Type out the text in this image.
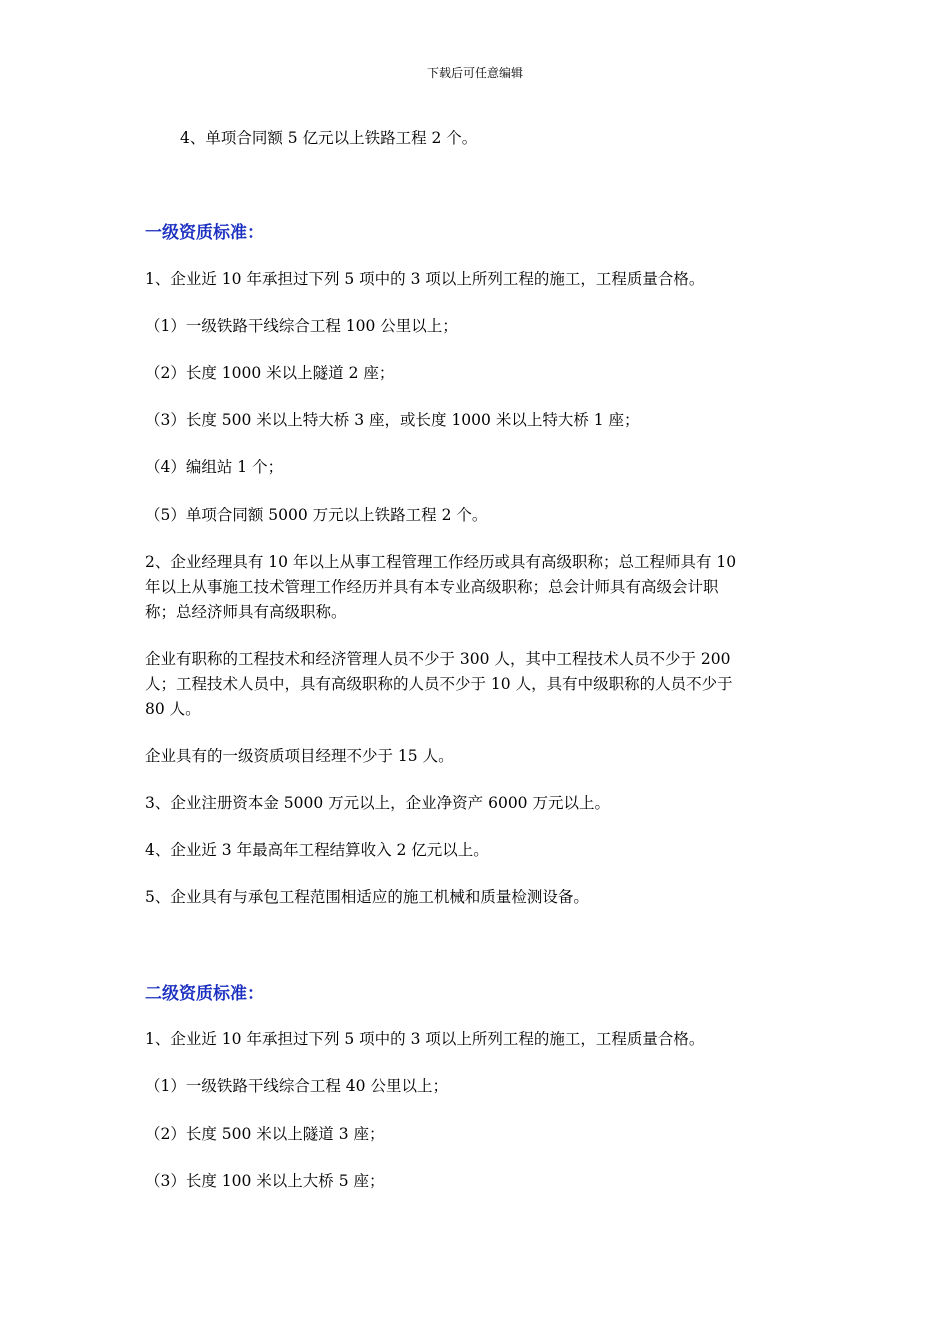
下载后可任意编辑
4、单项合同额 5 亿元以上铁路工程 2 个。
一级资质标准：
1、企业近 10 年承担过下列 5 项中的 3 项以上所列工程的施工，工程质量合格。
（1）一级铁路干线综合工程 100 公里以上；
（2）长度 1000 米以上隧道 2 座；
（3）长度 500 米以上特大桥 3 座，或长度 1000 米以上特大桥 1 座；
（4）编组站 1 个；
（5）单项合同额 5000 万元以上铁路工程 2 个。
2、企业经理具有 10 年以上从事工程管理工作经历或具有高级职称；总工程师具有 10
年以上从事施工技术管理工作经历并具有本专业高级职称；总会计师具有高级会计职
称；总经济师具有高级职称。
企业有职称的工程技术和经济管理人员不少于 300 人，其中工程技术人员不少于 200
人；工程技术人员中，具有高级职称的人员不少于 10 人，具有中级职称的人员不少于
80 人。
企业具有的一级资质项目经理不少于 15 人。
3、企业注册资本金 5000 万元以上，企业净资产 6000 万元以上。
4、企业近 3 年最高年工程结算收入 2 亿元以上。
5、企业具有与承包工程范围相适应的施工机械和质量检测设备。
二级资质标准：
1、企业近 10 年承担过下列 5 项中的 3 项以上所列工程的施工，工程质量合格。
（1）一级铁路干线综合工程 40 公里以上；
（2）长度 500 米以上隧道 3 座；
（3）长度 100 米以上大桥 5 座；
